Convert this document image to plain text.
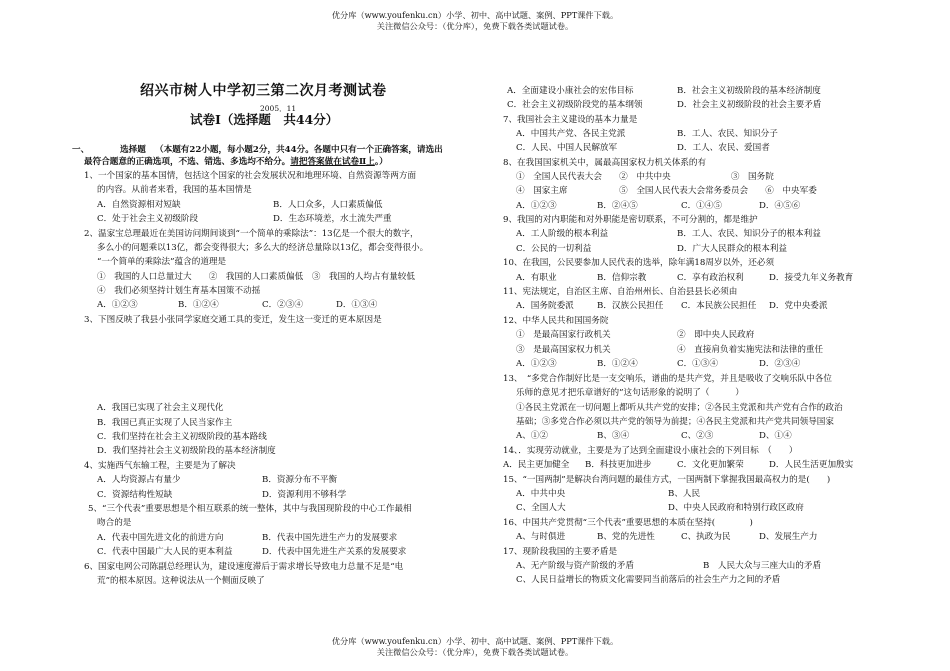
优分库（www.youfenku.cn）小学、初中、高中试题、案例、PPT课件下载。
关注微信公众号：（优分库），免费下载各类试题试卷。
绍兴市树人中学初三第二次月考测试卷
2005．11
试卷Ⅰ（选择题　共44分）
一、	选择题 （本题有22小题，每小题2分，共44分。各题中只有一个正确答案，请选出
最符合题意的正确选项，不选、错选、多选均不给分。请把答案做在试卷Ⅱ上。）
1、一个国家的基本国情，包括这个国家的社会发展状况和地理环境、自然资源等两方面
的内容。从前者来看，我国的基本国情是
A．自然资源相对短缺	B．人口众多，人口素质偏低
C．处于社会主义初级阶段	D．生态环境差，水土流失严重
2、温家宝总理最近在美国访问期间谈到“一个简单的乘除法”：13亿是一个很大的数字，
多么小的问题乘以13亿，都会变得很大；多么大的经济总量除以13亿，都会变得很小。
“一个简单的乘除法”蕴含的道理是
①　我国的人口总量过大　　②　我国的人口素质偏低　③　我国的人均占有量较低
④　我们必须坚持计划生育基本国策不动摇
A．①②③	B．①②④	C．②③④	D．①③④
3、下图反映了我县小张同学家庭交通工具的变迁，发生这一变迁的更本原因是
A．我国已实现了社会主义现代化
B．我国已真正实现了人民当家作主
C．我们坚持在社会主义初级阶段的基本路线
D．我们坚持社会主义初级阶段的基本经济制度
4、实施西气东输工程，主要是为了解决
A．人均资源占有量少	B．资源分布不平衡
C．资源结构性短缺	D．资源利用不够科学
5、“三个代表”重要思想是个相互联系的统一整体，其中与我国现阶段的中心工作最相
吻合的是
A．代表中国先进文化的前进方向	B．代表中国先进生产力的发展要求
C．代表中国最广大人民的更本利益	D．代表中国先进生产关系的发展要求
6、国家电网公司陈副总经理认为，建设速度滞后于需求增长导致电力总量不足是“电
荒”的根本原因。这种说法从一个侧面反映了
A．全面建设小康社会的宏伟目标	B．社会主义初级阶段的基本经济制度
C．社会主义初级阶段党的基本纲领	D．社会主义初级阶段的社会主要矛盾
7、我国社会主义建设的基本力量是
A．中国共产党、各民主党派	B．工人、农民、知识分子
C．人民、中国人民解放军	D．工人、农民、爱国者
8、在我国国家机关中，属最高国家权力机关体系的有
①　全国人民代表大会　　②　中共中央　　　　　　　③　国务院
④　国家主席　　　　　　⑤　全国人民代表大会常务委员会　　⑥　中央军委
A．①②③	B．②④⑤	C．①④⑤	D．④⑤⑥
9、我国的对内职能和对外职能是密切联系，不可分割的，都是维护
A．工人阶级的根本利益	B．工人、农民、知识分子的根本利益
C．公民的一切利益	D．广大人民群众的根本利益
10、在我国，公民要参加人民代表的选举，除年满18周岁以外，还必须
A．有职业	B．信仰宗教	C．享有政治权利	D．接受九年义务教育
11、宪法规定，自治区主席、自治州州长、自治县县长必须由
A．国务院委派	B．汉族公民担任 C．本民族公民担任 D．党中央委派
12、中华人民共和国国务院
①　是最高国家行政机关	②　即中央人民政府
③　是最高国家权力机关	④　直接肩负着实施宪法和法律的重任
A．①②③	B．①②④	C．①③④	D．②③④
13、　“多党合作制好比是一支交响乐，谱曲的是共产党，并且是吸收了交响乐队中各位
乐师的意见才把乐章谱好的”这句话形象的说明了（　　　）
①各民主党派在一切问题上都听从共产党的安排；②各民主党派和共产党有合作的政治
基础；③多党合作必须以共产党的领导为前提；④各民主党派和共产党共同领导国家
A、①②	B、③④	C、②③	D、①④
14、．实现劳动就业，主要是为了达到全面建设小康社会的下列目标　（　　）
A．民主更加健全 B．科技更加进步	C．文化更加繁荣	D．人民生活更加殷实
15、“一国两制”是解决台湾问题的最佳方式，一国两制下掌握我国最高权力的是(　　)
A．中共中央	B、人民
C、全国人大	D、中央人民政府和特别行政区政府
16、中国共产党贯彻“三个代表”重要思想的本质在坚持(　　　　)
A、与时俱进	B、党的先进性	C、执政为民	D、发展生产力
17、现阶段我国的主要矛盾是
A、无产阶级与资产阶级的矛盾	B　人民大众与三座大山的矛盾
C、人民日益增长的物质文化需要同当前落后的社会生产力之间的矛盾
优分库（www.youfenku.cn）小学、初中、高中试题、案例、PPT课件下载。
关注微信公众号：（优分库），免费下载各类试题试卷。
